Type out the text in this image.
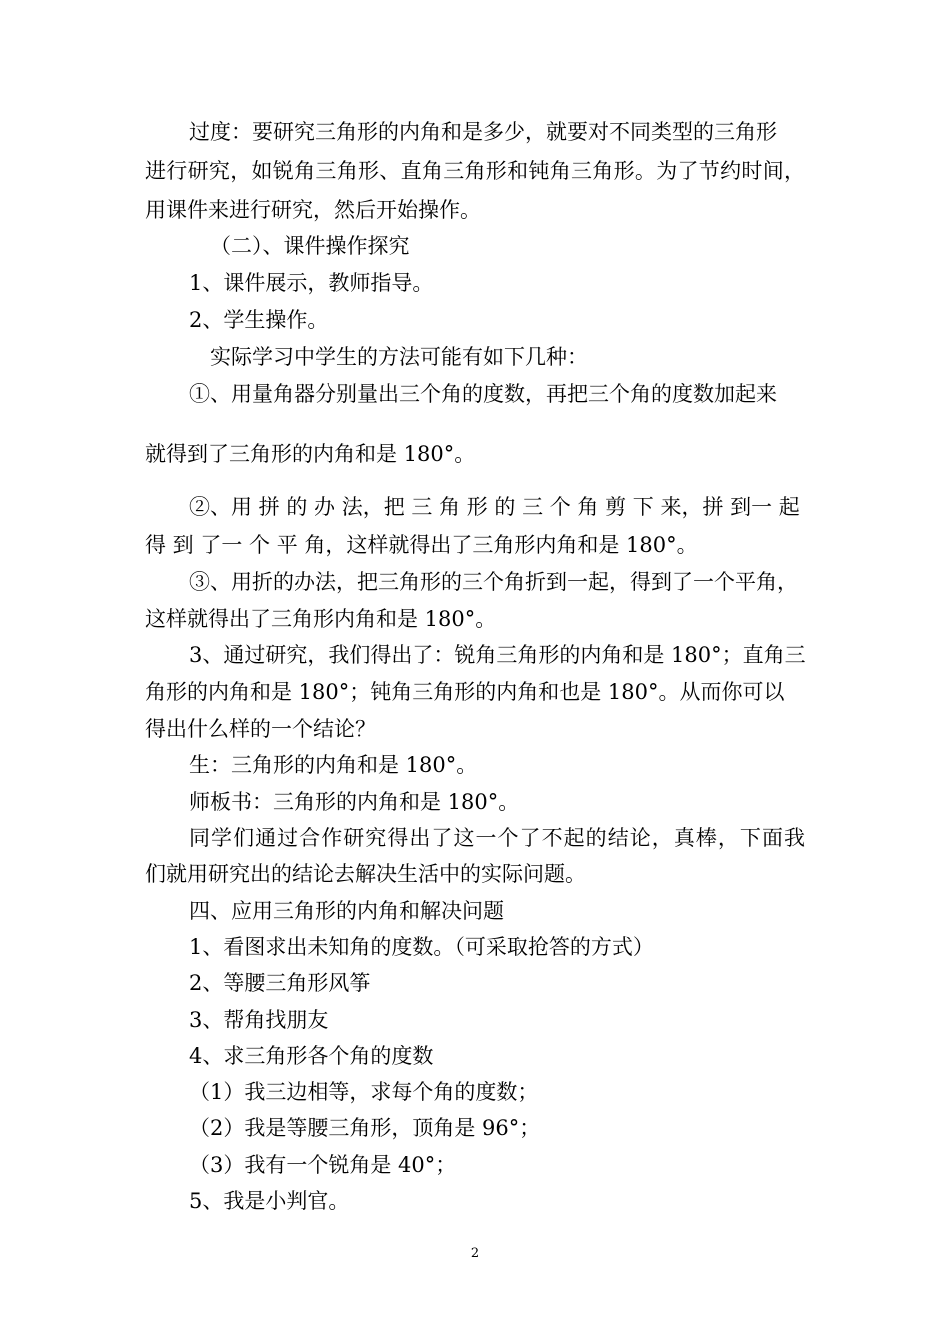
过度：要研究三角形的内角和是多少，就要对不同类型的三角形
进行研究，如锐角三角形、直角三角形和钝角三角形。为了节约时间，
用课件来进行研究，然后开始操作。
（二）、课件操作探究
1、课件展示，教师指导。
2、学生操作。
实际学习中学生的方法可能有如下几种：
①、用量角器分别量出三个角的度数，再把三个角的度数加起来
就得到了三角形的内角和是 180°。
②、用 拼 的 办 法，把 三 角 形 的 三 个 角 剪 下 来，拼 到一 起
得 到 了一 个 平 角，这样就得出了三角形内角和是 180°。
③、用折的办法，把三角形的三个角折到一起，得到了一个平角，
这样就得出了三角形内角和是 180°。
3、通过研究，我们得出了：锐角三角形的内角和是 180°；直角三
角形的内角和是 180°；钝角三角形的内角和也是 180°。从而你可以
得出什么样的一个结论？
生：三角形的内角和是 180°。
师板书：三角形的内角和是 180°。
同学们通过合作研究得出了这一个了不起的结论，真棒，下面我
们就用研究出的结论去解决生活中的实际问题。
四、应用三角形的内角和解决问题
1、看图求出未知角的度数。（可采取抢答的方式）
2、等腰三角形风筝
3、帮角找朋友
4、求三角形各个角的度数
（1）我三边相等，求每个角的度数；
（2）我是等腰三角形，顶角是 96°；
（3）我有一个锐角是 40°；
5、我是小判官。
2
